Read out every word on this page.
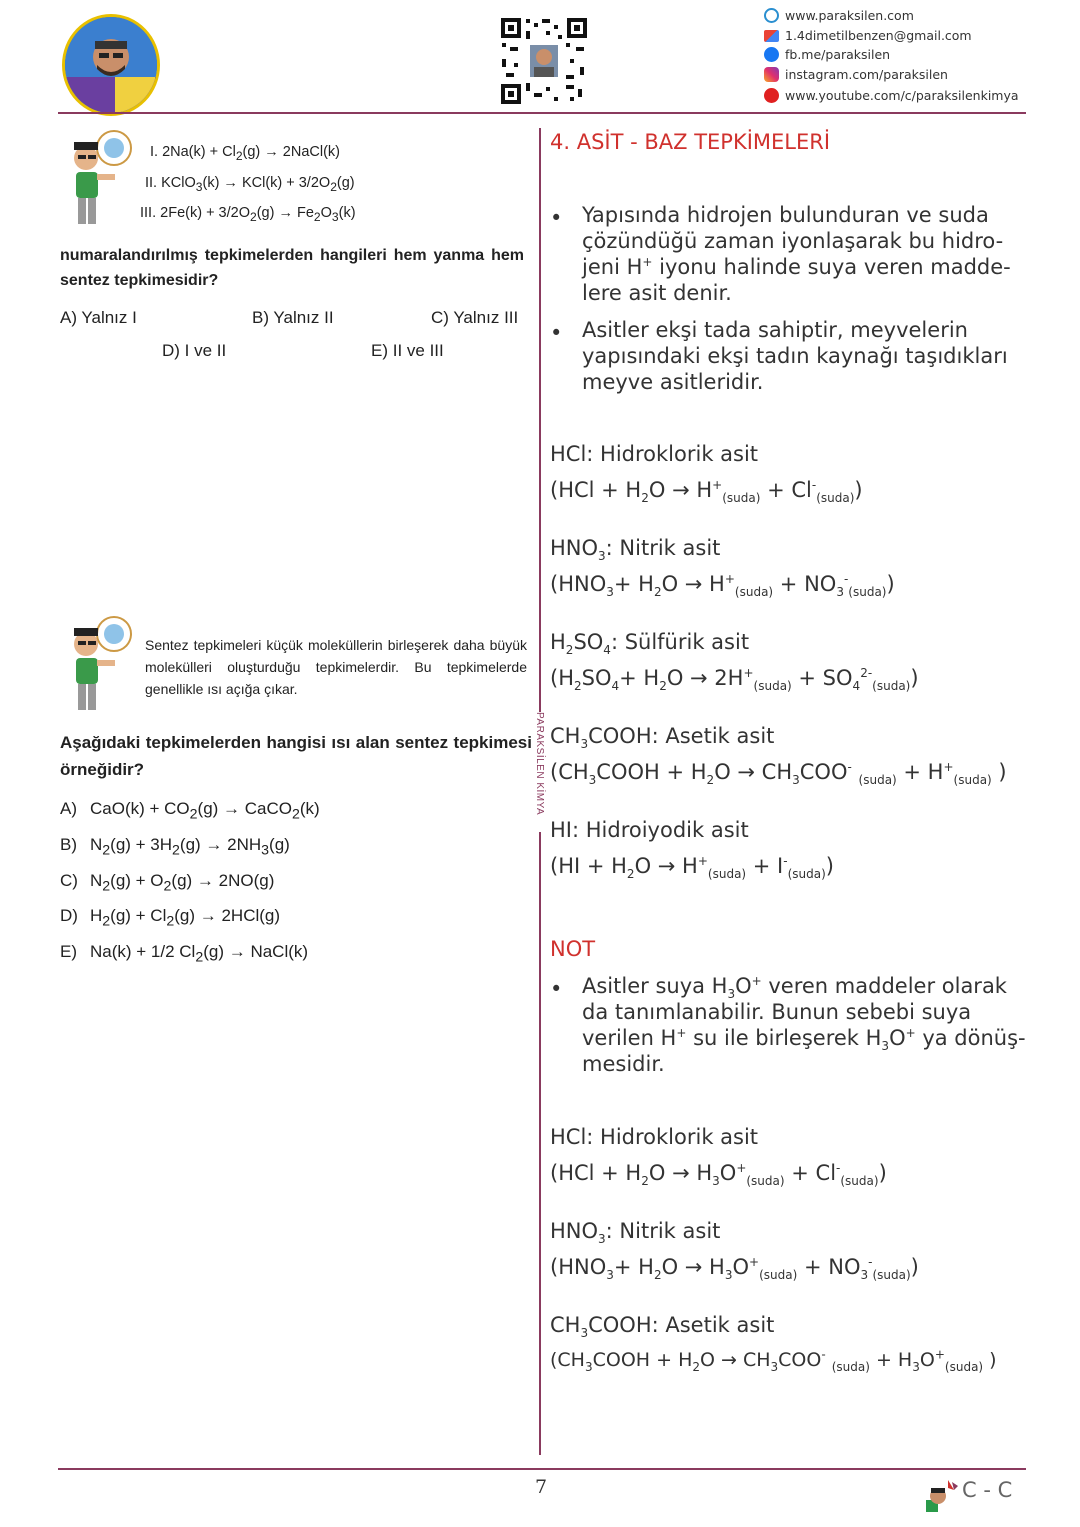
www.paraksilen.com
1.4dimetilbenzen@gmail.com
fb.me/paraksilen
instagram.com/paraksilen
www.youtube.com/c/paraksilenkimya
PARAKSİLEN KİMYA
I. $2Na(k) + Cl_2(g)$ → 2NaCl(k)
II. KClO$_3$(k) → $KCl(k) + 3/2O_2(g)$
III. $2Fe(k) + 3/2O_2(g) \to Fe_2O_3(k)$
numaralandırılmış tepkimelerden hangileri hem yanma hem sentez tepkimesidir?
A) Yalnız I	B) Yalnız II	C) Yalnız III
D) I ve II	E) II ve III
Sentez tepkimeleri küçük moleküllerin birleşerek daha büyük molekülleri oluşturduğu tepkimelerdir. Bu tepkimelerde genellikle ısı açığa çıkar.
Aşağıdaki tepkimelerden hangisi ısı alan sentez tepkimesi örneğidir?
A) $CaO(k) + CO_2(g)$ → CaCO$_2$(k)
B) $N_2(g) + 3H_2(g) \to 2NH_3(g)$
C) $N_2(g) + O_2(g) \to 2NO(g)$
D) $H_2(g) + Cl_2(g) \to 2HCl(g)$
E) Na(k) + 1/2 $Cl_2(g)$ → NaCl(k)
4. ASİT - BAZ TEPKİMELERİ
• Yapısında hidrojen bulunduran ve suda
çözündüğü zaman iyonlaşarak bu hidro-
jeni H+ iyonu halinde suya veren madde-
lere asit denir.
• Asitler ekşi tada sahiptir, meyvelerin
yapısındaki ekşi tadın kaynağı taşıdıkları
meyve asitleridir.
HCl: Hidroklorik asit
$(HCl + H_2O \to H^+_{(suda)} + Cl^-_{(suda)})$
$HNO_3$: Nitrik asit
$(HNO_3+ H_2O \to H^+_{(suda)} + NO_3^-_{(suda)})$
$H_2SO_4$: Sülfürik asit
$(H_2SO_4+ H_2O \to 2H^+_{(suda)} + SO_4^{2-}_{(suda)})$
$CH_3COOH$: Asetik asit
($CH_3COOH + H_2O \to CH_3COO^-$ $_{(suda)} + H^+_{(suda)}$ )
HI: Hidroiyodik asit
$(HI + H_2O \to H^+_{(suda)} + I^-_{(suda)})$
NOT
• Asitler suya $H_3O^+$ veren maddeler olarak
da tanımlanabilir. Bunun sebebi suya
verilen H+ su ile birleşerek $H_3O^+$ ya dönüş-
mesidir.
HCl: Hidroklorik asit
$(HCl + H_2O \to H_3O^+_{(suda)} + Cl^-_{(suda)})$
$HNO_3$: Nitrik asit
$(HNO_3+ H_2O \to H_3O^+_{(suda)} + NO_3^-_{(suda)})$
$CH_3COOH$: Asetik asit
($CH_3COOH + H_2O \to CH_3COO^-$ $_{(suda)} + H_3O^+_{(suda)}$ )
7	C - C
